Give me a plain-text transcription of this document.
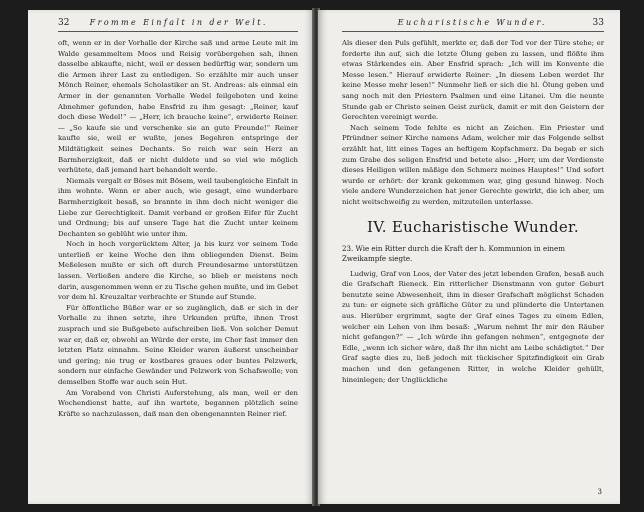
32	Fromme Einfalt in der Welt.

oft, wenn er in der Vorhalle der Kirche saß und arme Leute mit im Walde gesammeltem Moos und Reisig vorübergehen sah, ihnen dasselbe abkaufte, nicht, weil er dessen bedürftig war, sondern um die Armen ihrer Last zu entledigen. So erzählte mir auch unser Mönch Reiner, ehemals Scholastiker an St. Andreas: als einmal ein Armer in der genannten Vorhalle Wedel feilgeboten und keine Abnehmer gefunden, habe Ensfrid zu ihm gesagt: „Reiner, kauf doch diese Wedel!“ — „Herr, ich brauche keine“, erwiderte Reiner. — „So kaufe sie und verschenke sie an gute Freunde!“ Reiner kaufte sie, weil er wußte, jenes Begehren entspringe der Mildtätigkeit seines Dechants. So reich war sein Herz an Barmherzigkeit, daß er nicht duldete und so viel wie möglich verhütete, daß jemand hart behandelt werde.

Niemals vergalt er Böses mit Bösem, weil taubengleiche Einfalt in ihm wohnte. Wenn er aber auch, wie gesagt, eine wunderbare Barmherzigkeit besaß, so brannte in ihm doch nicht weniger die Liebe zur Gerechtigkeit. Damit verband er großen Eifer für Zucht und Ordnung; bis auf unsere Tage hat die Zucht unter keinem Dechanten so geblüht wie unter ihm.

Noch in hoch vorgerücktem Alter, ja bis kurz vor seinem Tode unterließ er keine Woche den ihm obliegenden Dienst. Beim Meßelesen mußte er sich oft durch Freundesarme unterstützen lassen. Verließen andere die Kirche, so blieb er meistens noch darin, ausgenommen wenn er zu Tische gehen mußte, und im Gebet vor dem hl. Kreuzaltar verbrachte er Stunde auf Stunde.

Für öffentliche Büßer war er so zugänglich, daß er sich in der Vorhalle zu ihnen setzte, ihre Urkunden prüfte, ihnen Trost zusprach und sie Bußgebete aufschreiben ließ. Von solcher Demut war er, daß er, obwohl an Würde der erste, im Chor fast immer den letzten Platz einnahm. Seine Kleider waren äußerst unscheinbar und gering; nie trug er kostbares graues oder buntes Pelzwerk, sondern nur einfache Gewänder und Pelzwerk von Schafswolle; von demselben Stoffe war auch sein Hut.

Am Vorabend von Christi Auferstehung, als man, weil er den Wochendienst hatte, auf ihn wartete, begannen plötzlich seine Kräfte so nachzulassen, daß man den obengenannten Reiner rief.

Eucharistische Wunder.	33

Als dieser den Puls gefühlt, merkte er, daß der Tod vor der Türe stehe; er forderte ihn auf, sich die letzte Ölung geben zu lassen, und flößte ihm etwas Stärkendes ein. Aber Ensfrid sprach: „Ich will im Konvente die Messe lesen.“ Hierauf erwiderte Reiner: „In diesem Leben werdet Ihr keine Messe mehr lesen!“ Nunmehr ließ er sich die hl. Ölung geben und sang noch mit den Priestern Psalmen und eine Litanei. Um die neunte Stunde gab er Christo seinen Geist zurück, damit er mit den Geistern der Gerechten vereinigt werde.

Nach seinem Tode fehlte es nicht an Zeichen. Ein Priester und Pfründner seiner Kirche namens Adam, welcher mir das Folgende selbst erzählt hat, litt eines Tages an heftigem Kopfschmerz. Da begab er sich zum Grabe des seligen Ensfrid und betete also: „Herr, um der Verdienste dieses Heiligen willen mäßige den Schmerz meines Hauptes!“ Und sofort wurde er erhört: der krank gekommen war, ging gesund hinweg. Noch viele andere Wunderzeichen hat jener Gerechte gewirkt, die ich aber, um nicht weitschweifig zu werden, mitzuteilen unterlasse.

IV. Eucharistische Wunder.
23. Wie ein Ritter durch die Kraft der h. Kommunion in einem Zweikampfe siegte.

Ludwig, Graf von Loos, der Vater des jetzt lebenden Grafen, besaß auch die Grafschaft Rieneck. Ein ritterlicher Dienstmann von guter Geburt benutzte seine Abwesenheit, ihm in dieser Grafschaft möglichst Schaden zu tun: er eignete sich gräfliche Güter zu und plünderte die Untertanen aus. Hierüber ergrimmt, sagte der Graf eines Tages zu einem Edlen, welcher ein Lehen von ihm besaß: „Warum nehmt Ihr mir den Räuber nicht gefangen?“ — „Ich würde ihn gefangen nehmen“, entgegnete der Edle, „wenn ich sicher wäre, daß Ihr ihn nicht am Leibe schädigtet.“ Der Graf sagte dies zu, ließ jedoch mit tückischer Spitzfindigkeit ein Grab machen und den gefangenen Ritter, in welche Kleider gehüllt, hineinlegen; der Unglückliche

3
